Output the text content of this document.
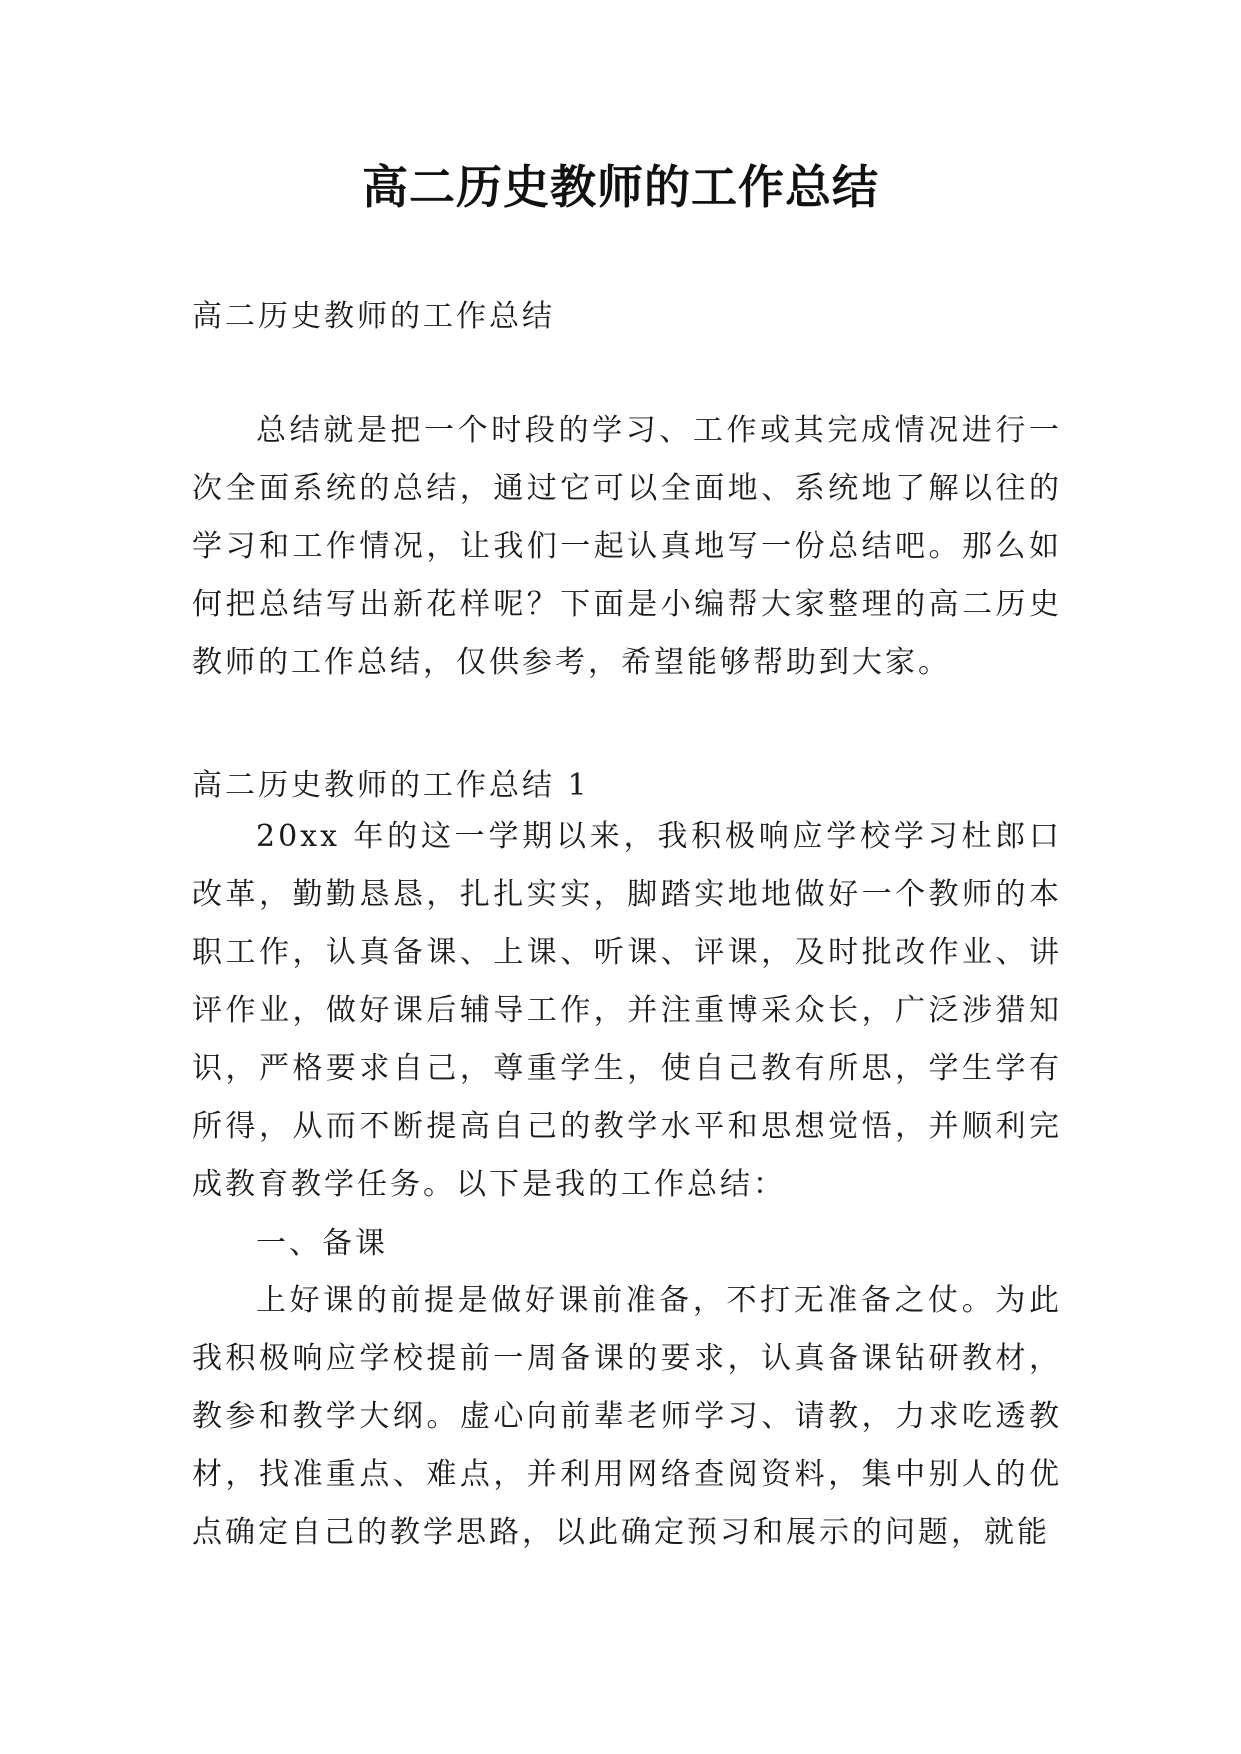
高二历史教师的工作总结

高二历史教师的工作总结

总结就是把一个时段的学习、工作或其完成情况进行一次全面系统的总结，通过它可以全面地、系统地了解以往的学习和工作情况，让我们一起认真地写一份总结吧。那么如何把总结写出新花样呢？下面是小编帮大家整理的高二历史教师的工作总结，仅供参考，希望能够帮助到大家。

高二历史教师的工作总结 1

20xx 年的这一学期以来，我积极响应学校学习杜郎口改革，勤勤恳恳，扎扎实实，脚踏实地地做好一个教师的本职工作，认真备课、上课、听课、评课，及时批改作业、讲评作业，做好课后辅导工作，并注重博采众长，广泛涉猎知识，严格要求自己，尊重学生，使自己教有所思，学生学有所得，从而不断提高自己的教学水平和思想觉悟，并顺利完成教育教学任务。以下是我的工作总结：

一、备课

上好课的前提是做好课前准备，不打无准备之仗。为此我积极响应学校提前一周备课的要求，认真备课钻研教材，教参和教学大纲。虚心向前辈老师学习、请教，力求吃透教材，找准重点、难点，并利用网络查阅资料，集中别人的优点确定自己的教学思路，以此确定预习和展示的问题，就能
